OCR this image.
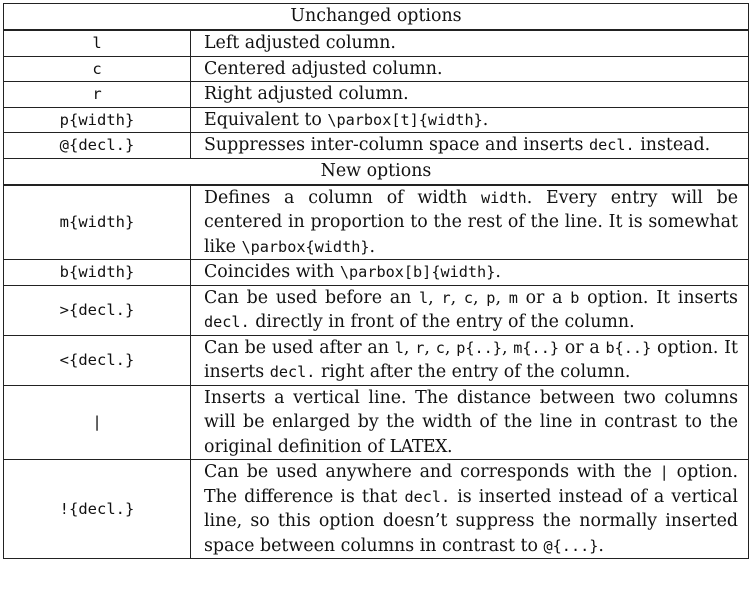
Unchanged options	
l	Left adjusted column.
c	Centered adjusted column.
r	Right adjusted column.
p{width}	Equivalent to \parbox[t]{width}.
@{decl.}	Suppresses inter-column space and inserts decl. instead.
New options	
m{width}	Defines a column of width width. Every entry will be centered in proportion to the rest of the line. It is somewhat like \parbox{width}.
b{width}	Coincides with \parbox[b]{width}.
>{decl.}	Can be used before an l, r, c, p, m or a b option. It inserts decl. directly in front of the entry of the column.
<{decl.}	Can be used after an l, r, c, p{..}, m{..} or a b{..} option. It inserts decl. right after the entry of the column.
|	Inserts a vertical line. The distance between two columns will be enlarged by the width of the line in contrast to the original definition of LATEX.
!{decl.}	Can be used anywhere and corresponds with the | option. The difference is that decl. is inserted instead of a vertical line, so this option doesn’t suppress the normally inserted space between columns in contrast to @{...}.
